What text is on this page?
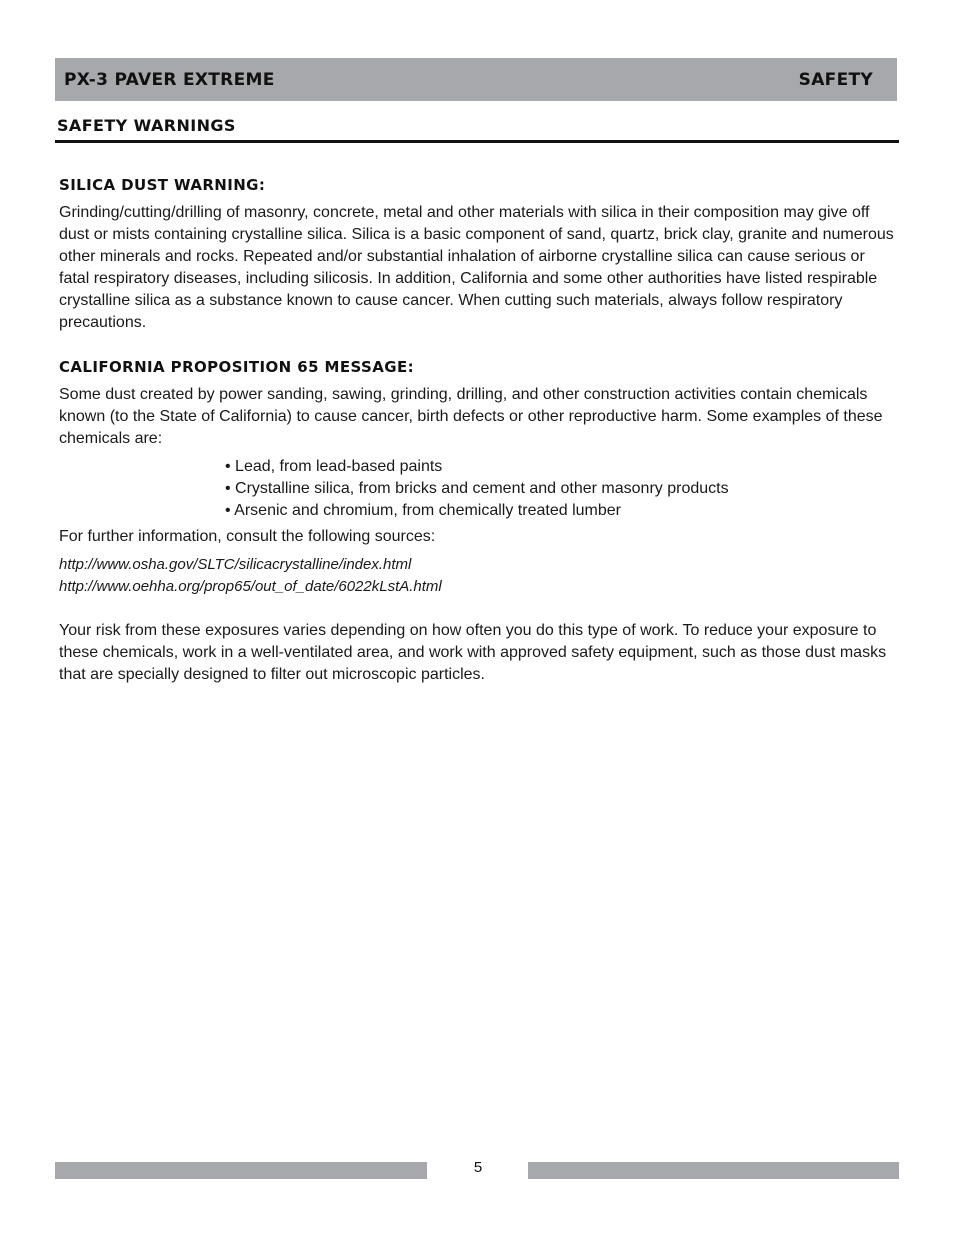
PX-3 PAVER EXTREME	SAFETY
SAFETY WARNINGS
SILICA DUST WARNING:

Grinding/cutting/drilling of masonry, concrete, metal and other materials with silica in their composition may give off dust or mists containing crystalline silica. Silica is a basic component of sand, quartz, brick clay, granite and numerous other minerals and rocks. Repeated and/or substantial inhalation of airborne crystalline silica can cause serious or fatal respiratory diseases, including silicosis. In addition, California and some other authorities have listed respirable crystalline silica as a substance known to cause cancer. When cutting such materials, always follow respiratory precautions.

CALIFORNIA PROPOSITION 65 MESSAGE:

Some dust created by power sanding, sawing, grinding, drilling, and other construction activities contain chemicals known (to the State of California) to cause cancer, birth defects or other reproductive harm. Some examples of these chemicals are:

• Lead, from lead-based paints
• Crystalline silica, from bricks and cement and other masonry products
• Arsenic and chromium, from chemically treated lumber

For further information, consult the following sources:

http://www.osha.gov/SLTC/silicacrystalline/index.html
http://www.oehha.org/prop65/out_of_date/6022kLstA.html

Your risk from these exposures varies depending on how often you do this type of work. To reduce your exposure to these chemicals, work in a well-ventilated area, and work with approved safety equipment, such as those dust masks that are specially designed to filter out microscopic particles.

5
